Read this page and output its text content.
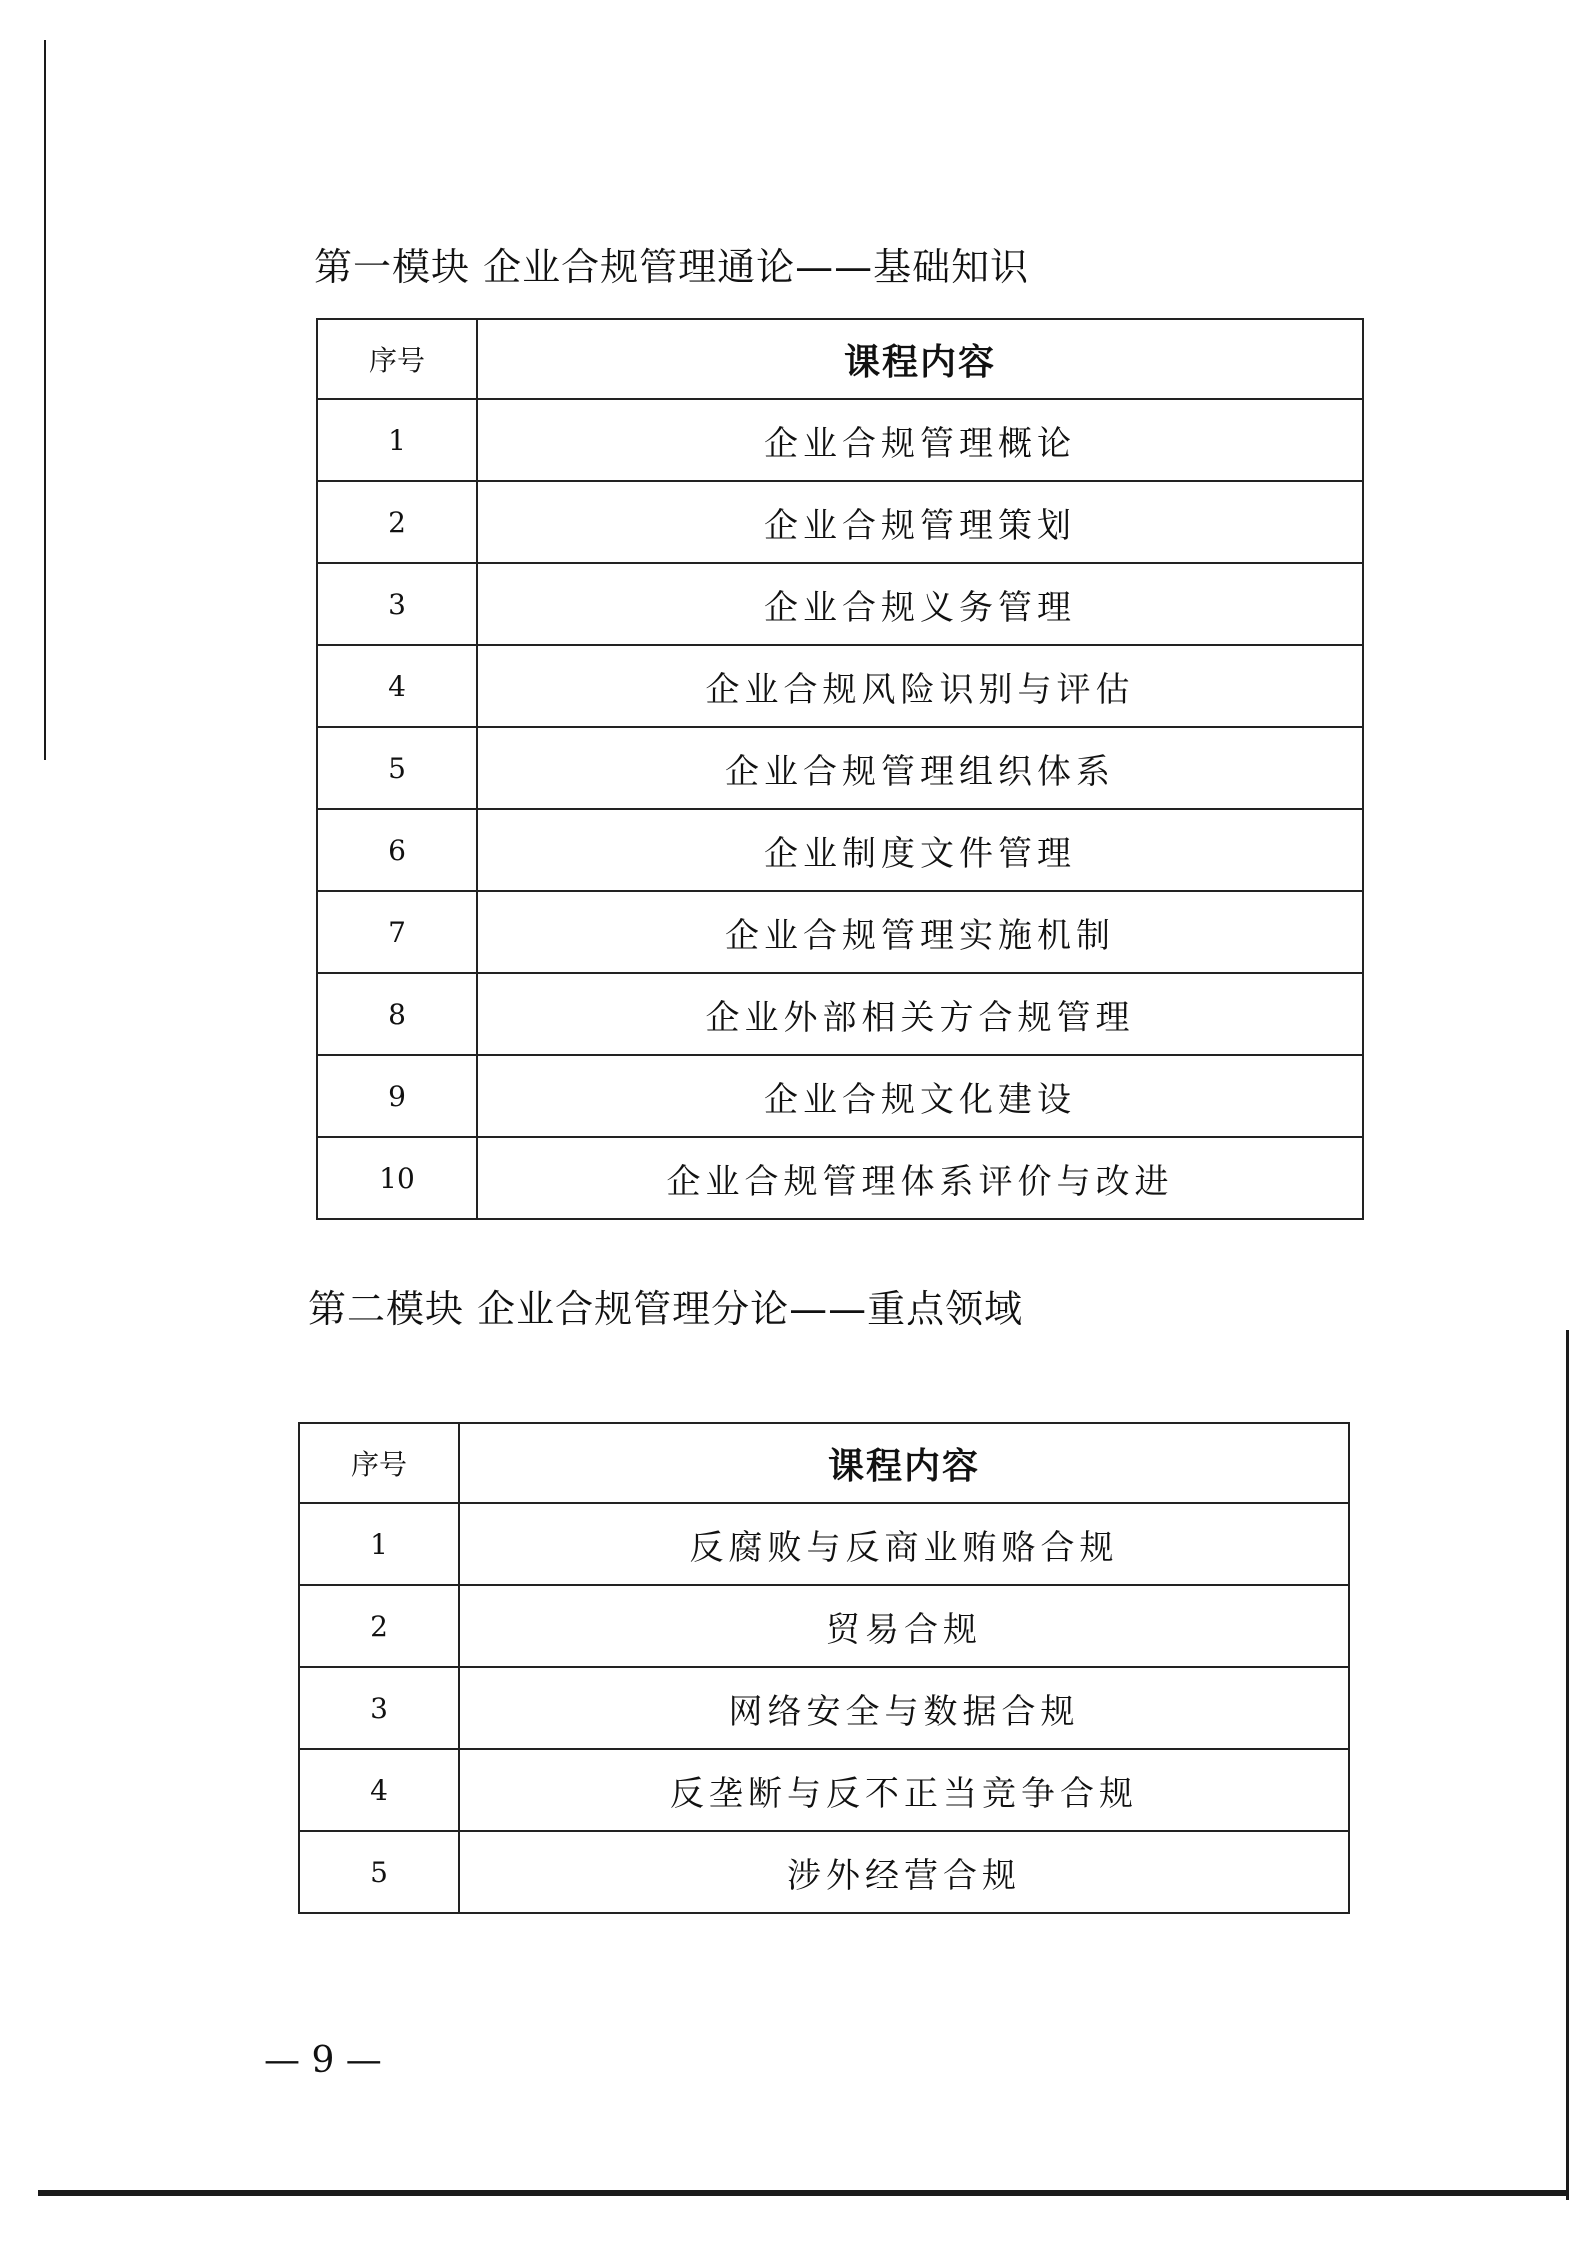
第一模块 企业合规管理通论——基础知识
序号	课程内容
1	企业合规管理概论
2	企业合规管理策划
3	企业合规义务管理
4	企业合规风险识别与评估
5	企业合规管理组织体系
6	企业制度文件管理
7	企业合规管理实施机制
8	企业外部相关方合规管理
9	企业合规文化建设
10	企业合规管理体系评价与改进
第二模块 企业合规管理分论——重点领域
序号	课程内容
1	反腐败与反商业贿赂合规
2	贸易合规
3	网络安全与数据合规
4	反垄断与反不正当竞争合规
5	涉外经营合规
— 9 —
